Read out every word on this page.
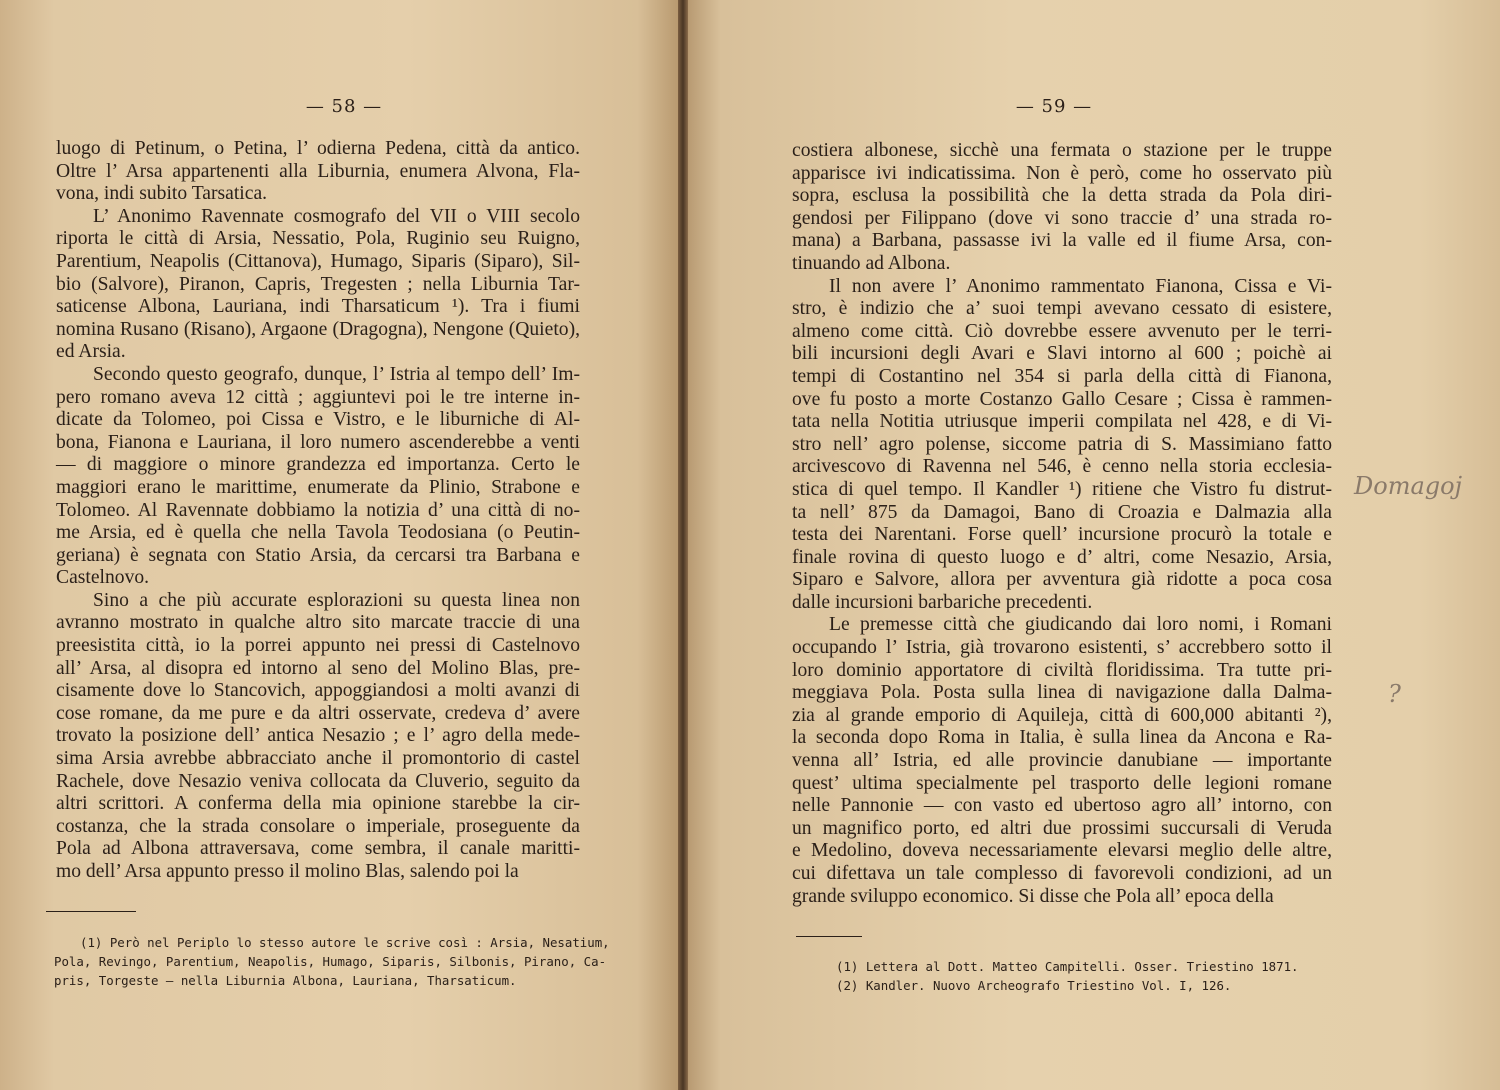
— 58 —
luogo di Petinum, o Petina, l’ odierna Pedena, città da antico.
Oltre l’ Arsa appartenenti alla Liburnia, enumera Alvona, Fla-
vona, indi subito Tarsatica.
L’ Anonimo Ravennate cosmografo del VII o VIII secolo
riporta le città di Arsia, Nessatio, Pola, Ruginio seu Ruigno,
Parentium, Neapolis (Cittanova), Humago, Siparis (Siparo), Sil-
bio (Salvore), Piranon, Capris, Tregesten ; nella Liburnia Tar-
saticense Albona, Lauriana, indi Tharsaticum ¹). Tra i fiumi
nomina Rusano (Risano), Argaone (Dragogna), Nengone (Quieto),
ed Arsia.
Secondo questo geografo, dunque, l’ Istria al tempo dell’ Im-
pero romano aveva 12 città ; aggiuntevi poi le tre interne in-
dicate da Tolomeo, poi Cissa e Vistro, e le liburniche di Al-
bona, Fianona e Lauriana, il loro numero ascenderebbe a venti
— di maggiore o minore grandezza ed importanza. Certo le
maggiori erano le marittime, enumerate da Plinio, Strabone e
Tolomeo. Al Ravennate dobbiamo la notizia d’ una città di no-
me Arsia, ed è quella che nella Tavola Teodosiana (o Peutin-
geriana) è segnata con Statio Arsia, da cercarsi tra Barbana e
Castelnovo.
Sino a che più accurate esplorazioni su questa linea non
avranno mostrato in qualche altro sito marcate traccie di una
preesistita città, io la porrei appunto nei pressi di Castelnovo
all’ Arsa, al disopra ed intorno al seno del Molino Blas, pre-
cisamente dove lo Stancovich, appoggiandosi a molti avanzi di
cose romane, da me pure e da altri osservate, credeva d’ avere
trovato la posizione dell’ antica Nesazio ; e l’ agro della mede-
sima Arsia avrebbe abbracciato anche il promontorio di castel
Rachele, dove Nesazio veniva collocata da Cluverio, seguito da
altri scrittori. A conferma della mia opinione starebbe la cir-
costanza, che la strada consolare o imperiale, proseguente da
Pola ad Albona attraversava, come sembra, il canale maritti-
mo dell’ Arsa appunto presso il molino Blas, salendo poi la
(1) Però nel Periplo lo stesso autore le scrive così : Arsia, Nesatium,
Pola, Revingo, Parentium, Neapolis, Humago, Siparis, Silbonis, Pirano, Ca-
pris, Torgeste — nella Liburnia Albona, Lauriana, Tharsaticum.
— 59 —
costiera albonese, sicchè una fermata o stazione per le truppe
apparisce ivi indicatissima. Non è però, come ho osservato più
sopra, esclusa la possibilità che la detta strada da Pola diri-
gendosi per Filippano (dove vi sono traccie d’ una strada ro-
mana) a Barbana, passasse ivi la valle ed il fiume Arsa, con-
tinuando ad Albona.
Il non avere l’ Anonimo rammentato Fianona, Cissa e Vi-
stro, è indizio che a’ suoi tempi avevano cessato di esistere,
almeno come città. Ciò dovrebbe essere avvenuto per le terri-
bili incursioni degli Avari e Slavi intorno al 600 ; poichè ai
tempi di Costantino nel 354 si parla della città di Fianona,
ove fu posto a morte Costanzo Gallo Cesare ; Cissa è rammen-
tata nella Notitia utriusque imperii compilata nel 428, e di Vi-
stro nell’ agro polense, siccome patria di S. Massimiano fatto
arcivescovo di Ravenna nel 546, è cenno nella storia ecclesia-
stica di quel tempo. Il Kandler ¹) ritiene che Vistro fu distrut-
ta nell’ 875 da Damagoi, Bano di Croazia e Dalmazia alla
testa dei Narentani. Forse quell’ incursione procurò la totale e
finale rovina di questo luogo e d’ altri, come Nesazio, Arsia,
Siparo e Salvore, allora per avventura già ridotte a poca cosa
dalle incursioni barbariche precedenti.
Le premesse città che giudicando dai loro nomi, i Romani
occupando l’ Istria, già trovarono esistenti, s’ accrebbero sotto il
loro dominio apportatore di civiltà floridissima. Tra tutte pri-
meggiava Pola. Posta sulla linea di navigazione dalla Dalma-
zia al grande emporio di Aquileja, città di 600,000 abitanti ²),
la seconda dopo Roma in Italia, è sulla linea da Ancona e Ra-
venna all’ Istria, ed alle provincie danubiane — importante
quest’ ultima specialmente pel trasporto delle legioni romane
nelle Pannonie — con vasto ed ubertoso agro all’ intorno, con
un magnifico porto, ed altri due prossimi succursali di Veruda
e Medolino, doveva necessariamente elevarsi meglio delle altre,
cui difettava un tale complesso di favorevoli condizioni, ad un
grande sviluppo economico. Si disse che Pola all’ epoca della
(1) Lettera al Dott. Matteo Campitelli. Osser. Triestino 1871.
(2) Kandler. Nuovo Archeografo Triestino Vol. I, 126.
Domagoj
?
